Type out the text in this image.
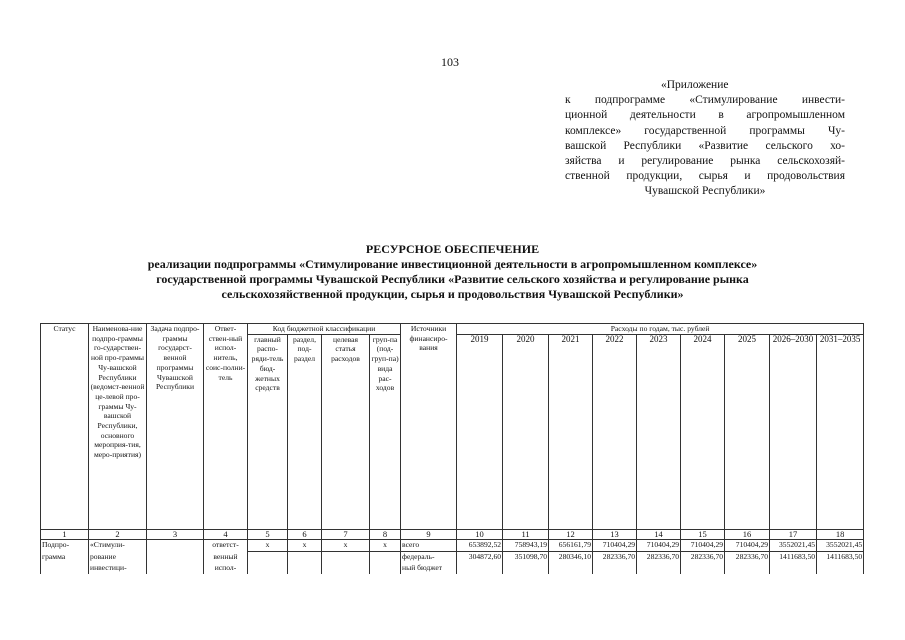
103

«Приложение

к подпрограмме «Стимулирование инвести-

ционной деятельности в агропромышленном

комплексе» государственной программы Чу-

вашской Республики «Развитие сельского хо-

зяйства и регулирование рынка сельскохозяй-

ственной продукции, сырья и продовольствия

Чувашской Республики»

РЕСУРСНОЕ ОБЕСПЕЧЕНИЕ
реализации подпрограммы «Стимулирование инвестиционной деятельности в агропромышленном комплексе»
государственной программы Чувашской Республики «Развитие сельского хозяйства и регулирование рынка
сельскохозяйственной продукции, сырья и продовольствия Чувашской Республики»
Статус	Наименова-ние подпро-граммы го-сударствен-ной про-граммы Чу-вашской Республики (ведомст-венной це-левой про-граммы Чу-вашской Республики, основного мероприя-тия, меро-приятия)	Задача подпро-граммы государст-венной программы Чувашской Республики	Ответ-ствен-ный испол-нитель, соис-полни-тель	Код бюджетной классификации				Источники финансиро-вания	Расходы по годам, тыс. рублей								
				главный распо-ряди-тель бюд-жетных средств	раздел, под-раздел	целевая статья расходов	груп-па (под-груп-па) вида рас-ходов		2019	2020	2021	2022	2023	2024	2025	2026–2030	2031–2035
1	2	3	4	5	6	7	8	9	10	11	12	13	14	15	16	17	18
Подпро-	«Стимули-		ответст-	x	x	x	x	всего	653892,52	758943,19	656161,79	710404,29	710404,29	710404,29	710404,29	3552021,45	3552021,45
грамма	рование		венный					федераль-	304872,60	351098,70	280346,10	282336,70	282336,70	282336,70	282336,70	1411683,50	1411683,50
	инвестици-		испол-					ный бюджет									
